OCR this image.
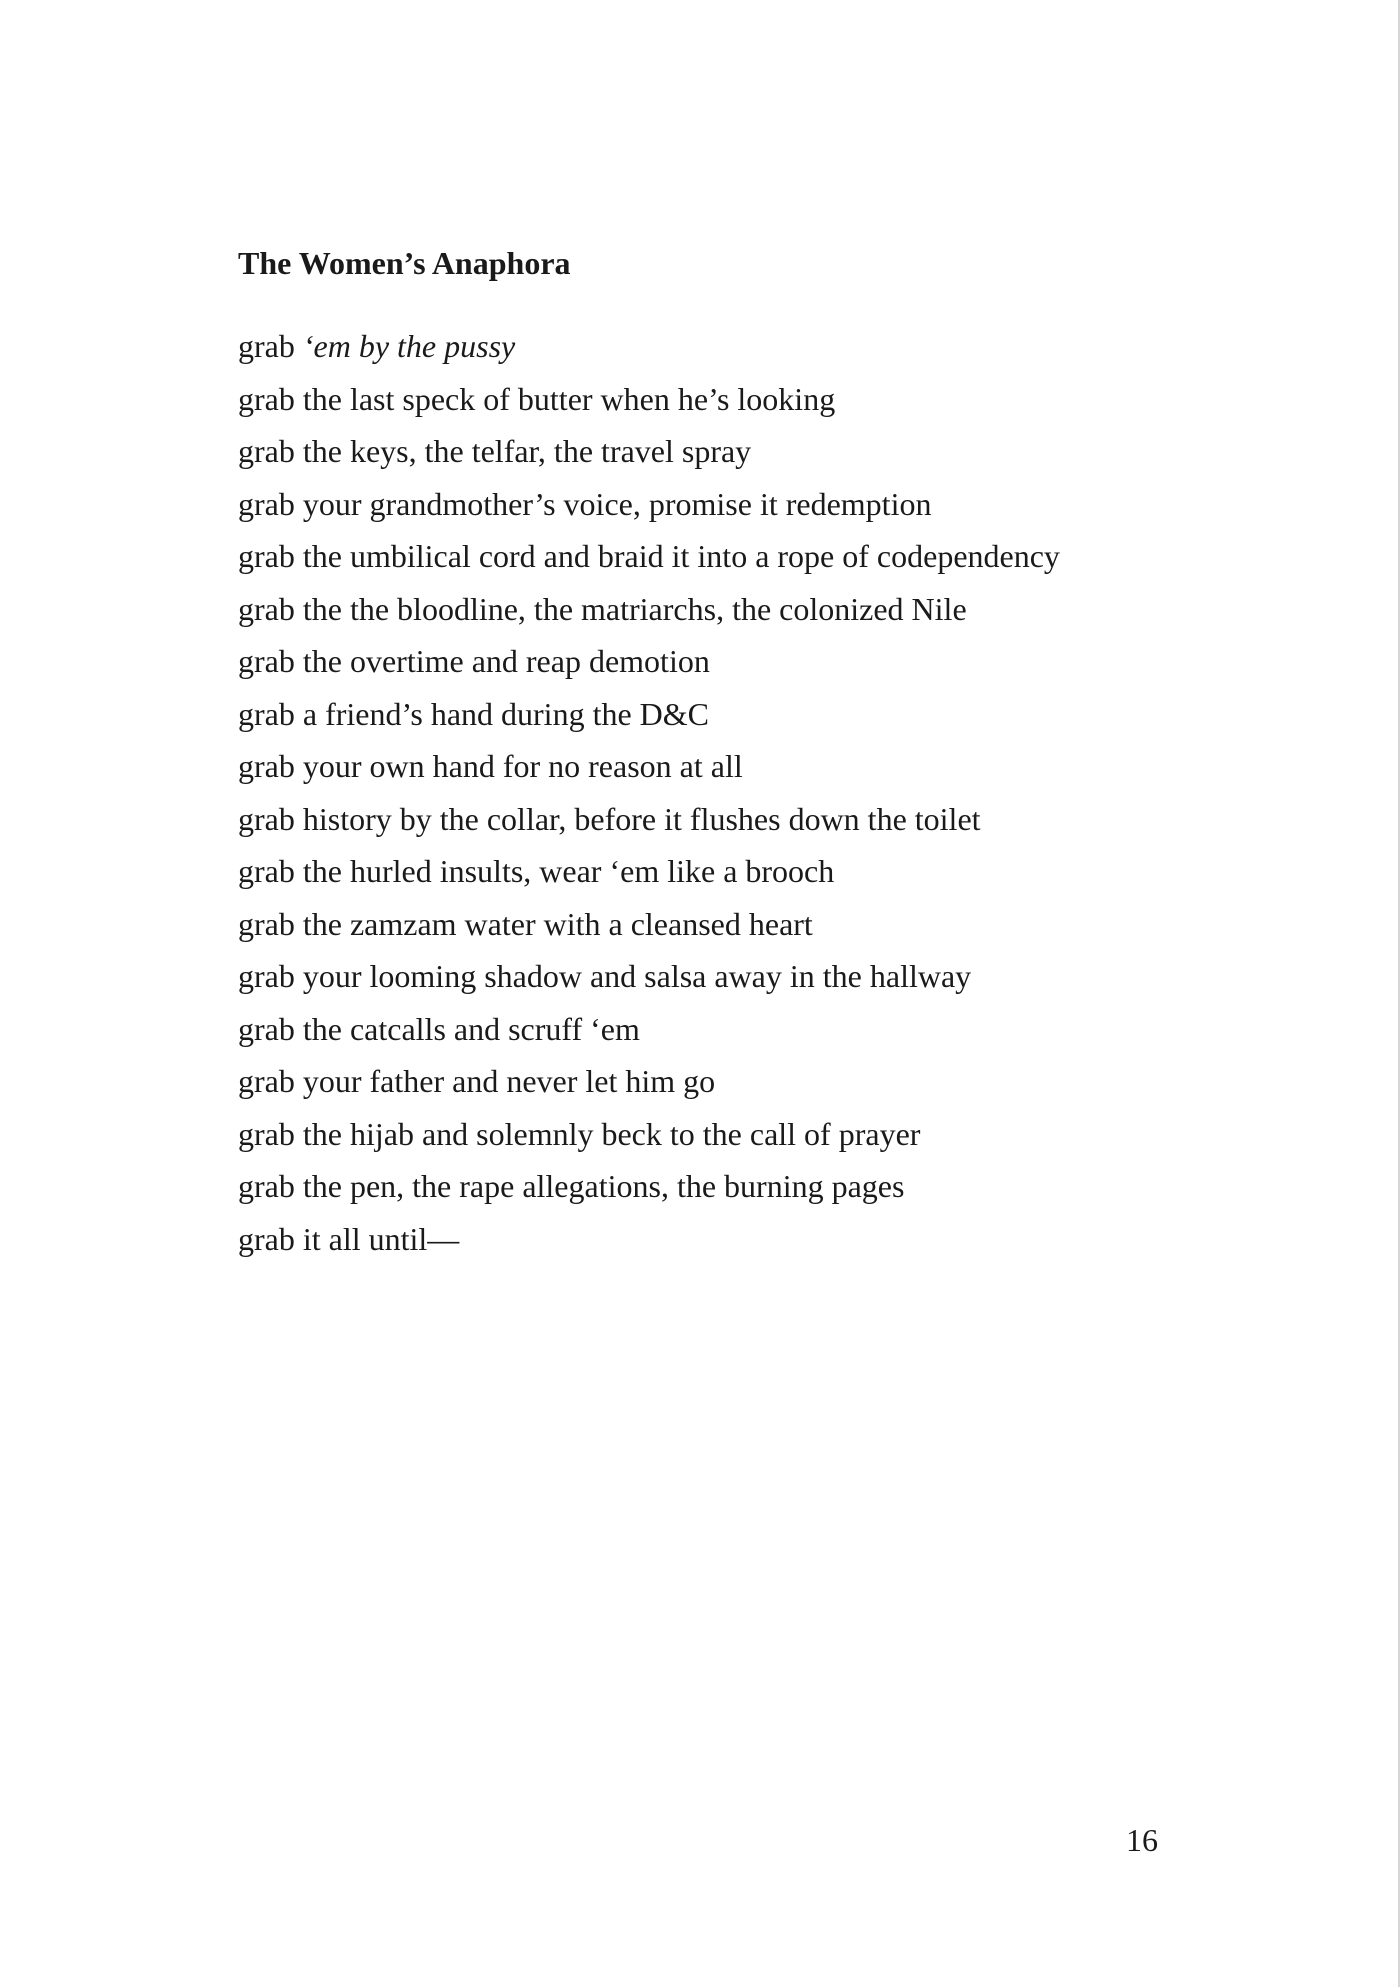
The Women’s Anaphora
grab ‘em by the pussy
grab the last speck of butter when he’s looking
grab the keys, the telfar, the travel spray
grab your grandmother’s voice, promise it redemption
grab the umbilical cord and braid it into a rope of codependency
grab the the bloodline, the matriarchs, the colonized Nile
grab the overtime and reap demotion
grab a friend’s hand during the D&C
grab your own hand for no reason at all
grab history by the collar, before it flushes down the toilet
grab the hurled insults, wear ‘em like a brooch
grab the zamzam water with a cleansed heart
grab your looming shadow and salsa away in the hallway
grab the catcalls and scruff ‘em
grab your father and never let him go
grab the hijab and solemnly beck to the call of prayer
grab the pen, the rape allegations, the burning pages
grab it all until—
16
